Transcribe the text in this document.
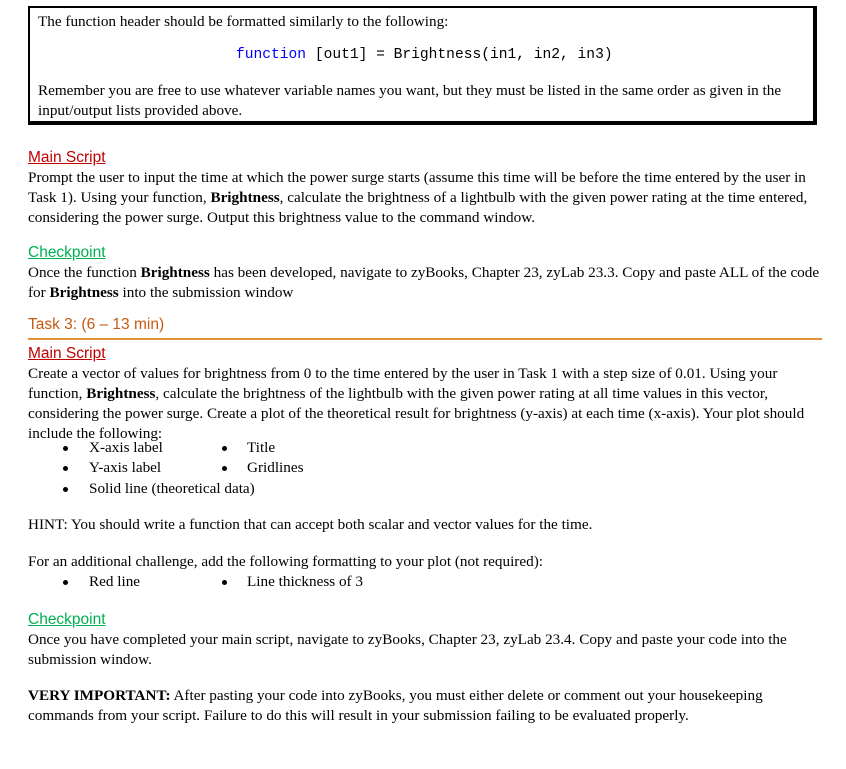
The function header should be formatted similarly to the following:
function [out1] = Brightness(in1, in2, in3)
Remember you are free to use whatever variable names you want, but they must be listed in the same order as given in the input/output lists provided above.
Main Script
Prompt the user to input the time at which the power surge starts (assume this time will be before the time entered by the user in Task 1). Using your function, Brightness, calculate the brightness of a lightbulb with the given power rating at the time entered, considering the power surge. Output this brightness value to the command window.
Checkpoint
Once the function Brightness has been developed, navigate to zyBooks, Chapter 23, zyLab 23.3. Copy and paste ALL of the code for Brightness into the submission window
Task 3: (6 – 13 min)
Main Script
Create a vector of values for brightness from 0 to the time entered by the user in Task 1 with a step size of 0.01. Using your function, Brightness, calculate the brightness of the lightbulb with the given power rating at all time values in this vector, considering the power surge. Create a plot of the theoretical result for brightness (y-axis) at each time (x-axis). Your plot should include the following:
X-axis label	Title
Y-axis label	Gridlines
Solid line (theoretical data)
HINT: You should write a function that can accept both scalar and vector values for the time.
For an additional challenge, add the following formatting to your plot (not required):
Red line	Line thickness of 3
Checkpoint
Once you have completed your main script, navigate to zyBooks, Chapter 23, zyLab 23.4. Copy and paste your code into the submission window.
VERY IMPORTANT: After pasting your code into zyBooks, you must either delete or comment out your housekeeping commands from your script. Failure to do this will result in your submission failing to be evaluated properly.
